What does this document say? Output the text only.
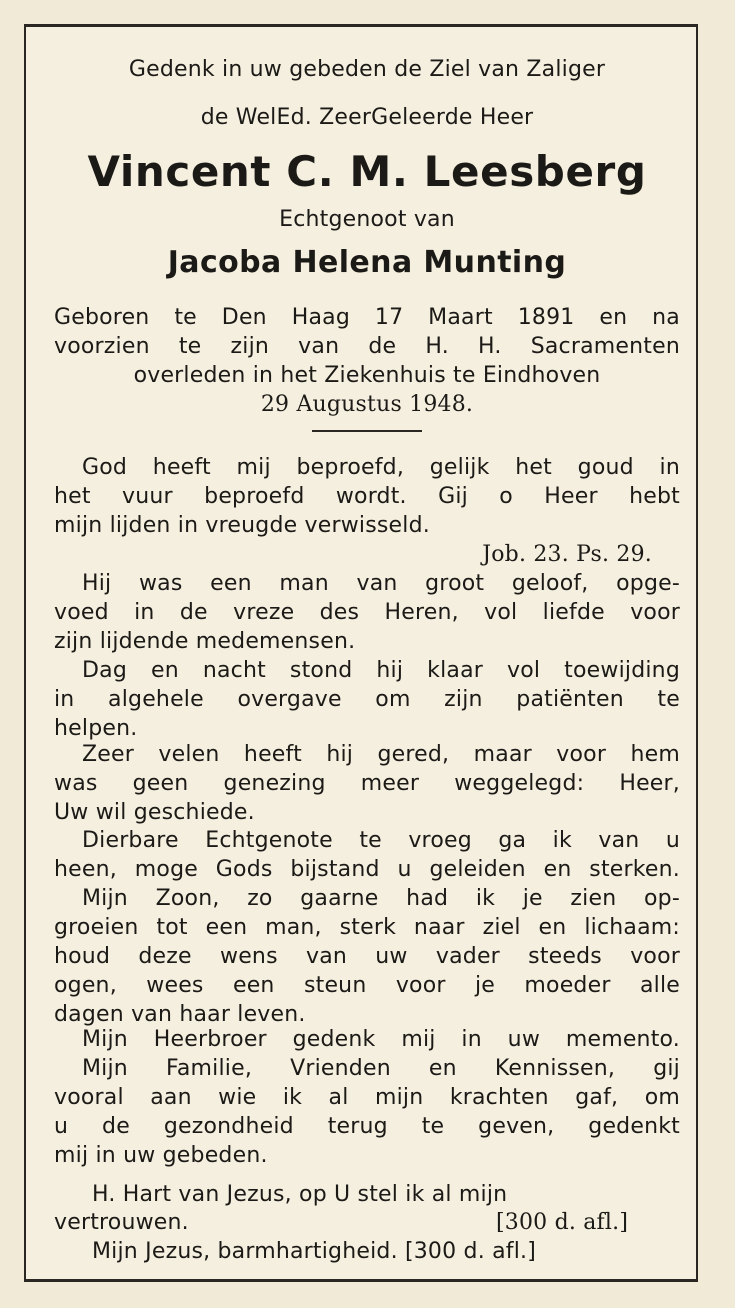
Gedenk in uw gebeden de Ziel van Zaliger

de WelEd. ZeerGeleerde Heer

Vincent C. M. Leesberg

Echtgenoot van

Jacoba Helena Munting

Geboren te Den Haag 17 Maart 1891 en na

voorzien te zijn van de H. H. Sacramenten

overleden in het Ziekenhuis te Eindhoven

29 Augustus 1948.

God heeft mij beproefd, gelijk het goud in

het vuur beproefd wordt. Gij o Heer hebt

mijn lijden in vreugde verwisseld.

Job. 23. Ps. 29.

Hij was een man van groot geloof, opge-

voed in de vreze des Heren, vol liefde voor

zijn lijdende medemensen.

Dag en nacht stond hij klaar vol toewijding

in algehele overgave om zijn patiënten te

helpen.

Zeer velen heeft hij gered, maar voor hem

was geen genezing meer weggelegd: Heer,

Uw wil geschiede.

Dierbare Echtgenote te vroeg ga ik van u

heen, moge Gods bijstand u geleiden en sterken.

Mijn Zoon, zo gaarne had ik je zien op-

groeien tot een man, sterk naar ziel en lichaam:

houd deze wens van uw vader steeds voor

ogen, wees een steun voor je moeder alle

dagen van haar leven.

Mijn Heerbroer gedenk mij in uw memento.

Mijn Familie, Vrienden en Kennissen, gij

vooral aan wie ik al mijn krachten gaf, om

u de gezondheid terug te geven, gedenkt

mij in uw gebeden.

H. Hart van Jezus, op U stel ik al mijn

vertrouwen.	[300 d. afl.]

Mijn Jezus, barmhartigheid. [300 d. afl.]
